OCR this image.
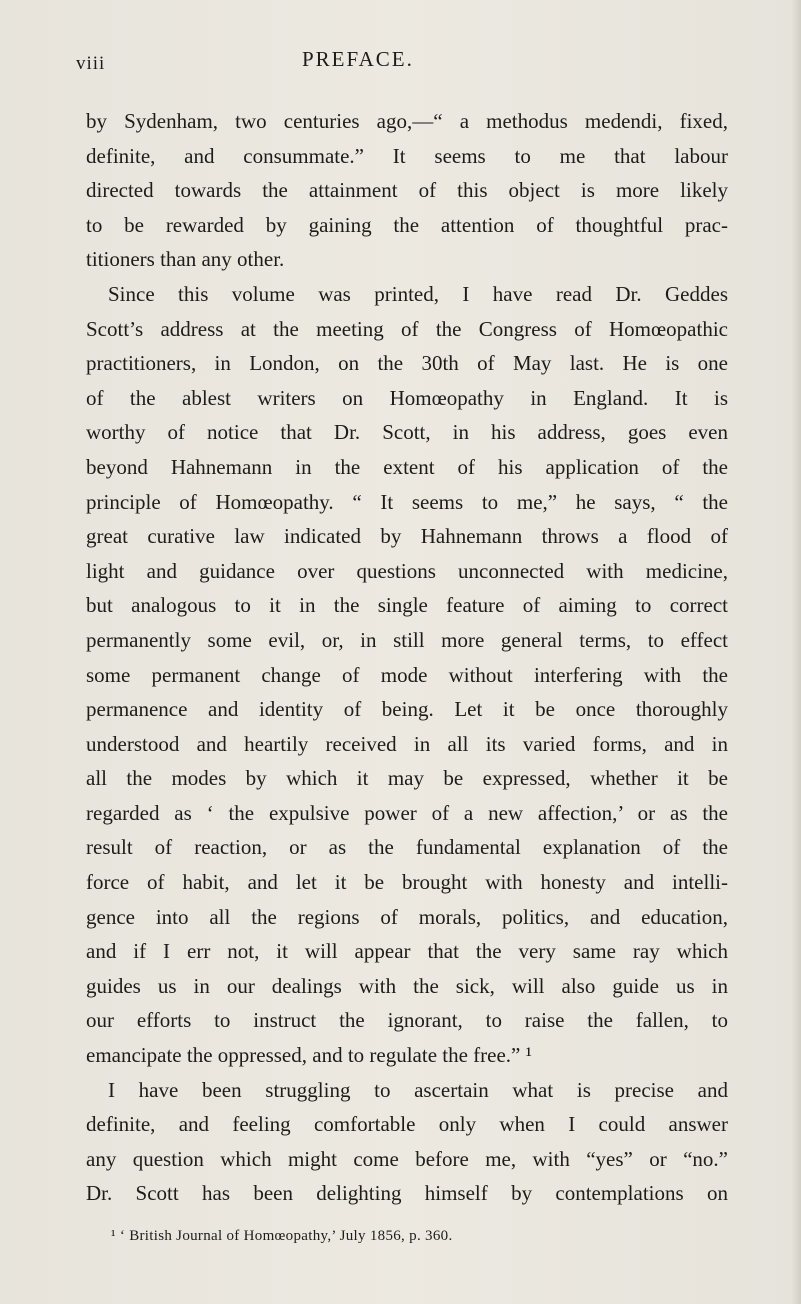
viii	PREFACE.
by Sydenham, two centuries ago,—“ a methodus medendi, fixed,
definite, and consummate.” It seems to me that labour
directed towards the attainment of this object is more likely
to be rewarded by gaining the attention of thoughtful prac-
titioners than any other.
Since this volume was printed, I have read Dr. Geddes
Scott’s address at the meeting of the Congress of Homœopathic
practitioners, in London, on the 30th of May last. He is one
of the ablest writers on Homœopathy in England. It is
worthy of notice that Dr. Scott, in his address, goes even
beyond Hahnemann in the extent of his application of the
principle of Homœopathy. “ It seems to me,” he says, “ the
great curative law indicated by Hahnemann throws a flood of
light and guidance over questions unconnected with medicine,
but analogous to it in the single feature of aiming to correct
permanently some evil, or, in still more general terms, to effect
some permanent change of mode without interfering with the
permanence and identity of being. Let it be once thoroughly
understood and heartily received in all its varied forms, and in
all the modes by which it may be expressed, whether it be
regarded as ‘ the expulsive power of a new affection,’ or as the
result of reaction, or as the fundamental explanation of the
force of habit, and let it be brought with honesty and intelli-
gence into all the regions of morals, politics, and education,
and if I err not, it will appear that the very same ray which
guides us in our dealings with the sick, will also guide us in
our efforts to instruct the ignorant, to raise the fallen, to
emancipate the oppressed, and to regulate the free.” ¹
I have been struggling to ascertain what is precise and
definite, and feeling comfortable only when I could answer
any question which might come before me, with “yes” or “no.”
Dr. Scott has been delighting himself by contemplations on
¹ ‘ British Journal of Homœopathy,’ July 1856, p. 360.
